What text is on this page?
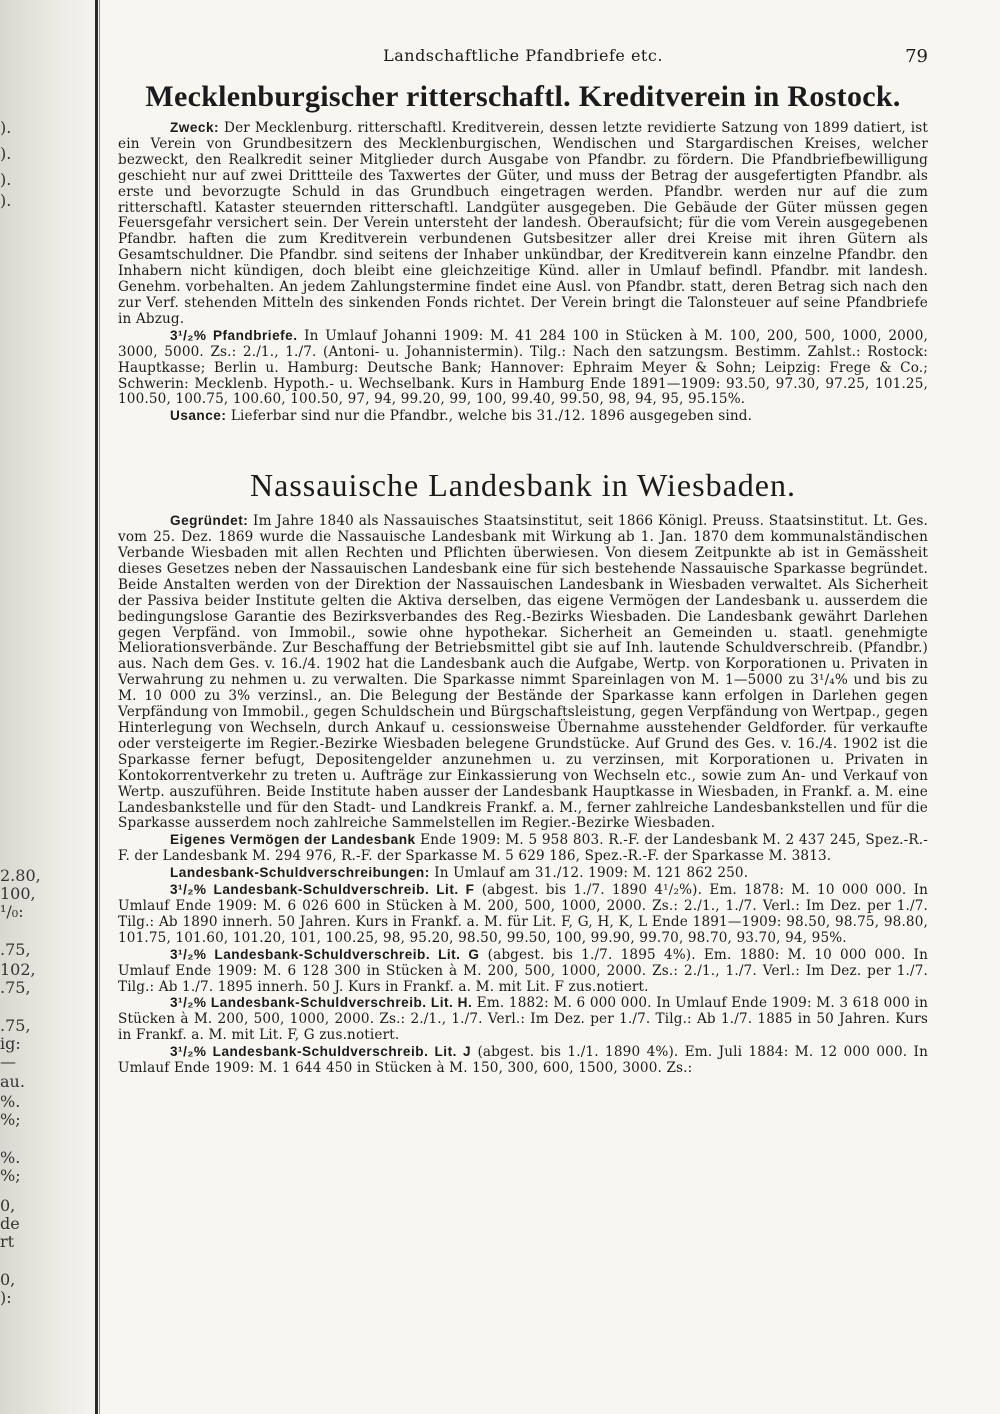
).
).
).
).
2.80,
100,
¹/₀:
.75,
102,
.75,
.75,
ig:
—
au.
%.
%;
%.
%;
0,
de
rt
0,
):
Landschaftliche Pfandbriefe etc.	79
Mecklenburgischer ritterschaftl. Kreditverein in Rostock.

Zweck: Der Mecklenburg. ritterschaftl. Kreditverein, dessen letzte revidierte Satzung von 1899 datiert, ist ein Verein von Grundbesitzern des Mecklenburgischen, Wendischen und Stargardischen Kreises, welcher bezweckt, den Realkredit seiner Mitglieder durch Ausgabe von Pfandbr. zu fördern. Die Pfandbriefbewilligung geschieht nur auf zwei Drittteile des Taxwertes der Güter, und muss der Betrag der ausgefertigten Pfandbr. als erste und bevorzugte Schuld in das Grundbuch eingetragen werden. Pfandbr. werden nur auf die zum ritterschaftl. Kataster steuernden ritterschaftl. Landgüter ausgegeben. Die Gebäude der Güter müssen gegen Feuersgefahr versichert sein. Der Verein untersteht der landesh. Oberaufsicht; für die vom Verein ausgegebenen Pfandbr. haften die zum Kreditverein verbundenen Gutsbesitzer aller drei Kreise mit ihren Gütern als Gesamtschuldner. Die Pfandbr. sind seitens der Inhaber unkündbar, der Kreditverein kann einzelne Pfandbr. den Inhabern nicht kündigen, doch bleibt eine gleichzeitige Künd. aller in Umlauf befindl. Pfandbr. mit landesh. Genehm. vorbehalten. An jedem Zahlungstermine findet eine Ausl. von Pfandbr. statt, deren Betrag sich nach den zur Verf. stehenden Mitteln des sinkenden Fonds richtet. Der Verein bringt die Talonsteuer auf seine Pfandbriefe in Abzug.

3¹/₂% Pfandbriefe. In Umlauf Johanni 1909: M. 41 284 100 in Stücken à M. 100, 200, 500, 1000, 2000, 3000, 5000. Zs.: 2./1., 1./7. (Antoni- u. Johannistermin). Tilg.: Nach den satzungsm. Bestimm. Zahlst.: Rostock: Hauptkasse; Berlin u. Hamburg: Deutsche Bank; Hannover: Ephraim Meyer & Sohn; Leipzig: Frege & Co.; Schwerin: Mecklenb. Hypoth.- u. Wechselbank. Kurs in Hamburg Ende 1891—1909: 93.50, 97.30, 97.25, 101.25, 100.50, 100.75, 100.60, 100.50, 97, 94, 99.20, 99, 100, 99.40, 99.50, 98, 94, 95, 95.15%.

Usance: Lieferbar sind nur die Pfandbr., welche bis 31./12. 1896 ausgegeben sind.

Nassauische Landesbank in Wiesbaden.

Gegründet: Im Jahre 1840 als Nassauisches Staatsinstitut, seit 1866 Königl. Preuss. Staatsinstitut. Lt. Ges. vom 25. Dez. 1869 wurde die Nassauische Landesbank mit Wirkung ab 1. Jan. 1870 dem kommunalständischen Verbande Wiesbaden mit allen Rechten und Pflichten überwiesen. Von diesem Zeitpunkte ab ist in Gemässheit dieses Gesetzes neben der Nassauischen Landesbank eine für sich bestehende Nassauische Sparkasse begründet. Beide Anstalten werden von der Direktion der Nassauischen Landesbank in Wiesbaden verwaltet. Als Sicherheit der Passiva beider Institute gelten die Aktiva derselben, das eigene Vermögen der Landesbank u. ausserdem die bedingungslose Garantie des Bezirksverbandes des Reg.-Bezirks Wiesbaden. Die Landesbank gewährt Darlehen gegen Verpfänd. von Immobil., sowie ohne hypothekar. Sicherheit an Gemeinden u. staatl. genehmigte Meliorationsverbände. Zur Beschaffung der Betriebsmittel gibt sie auf Inh. lautende Schuldverschreib. (Pfandbr.) aus. Nach dem Ges. v. 16./4. 1902 hat die Landesbank auch die Aufgabe, Wertp. von Korporationen u. Privaten in Verwahrung zu nehmen u. zu verwalten. Die Sparkasse nimmt Spareinlagen von M. 1—5000 zu 3¹/₄% und bis zu M. 10 000 zu 3% verzinsl., an. Die Belegung der Bestände der Sparkasse kann erfolgen in Darlehen gegen Verpfändung von Immobil., gegen Schuldschein und Bürgschaftsleistung, gegen Verpfändung von Wertpap., gegen Hinterlegung von Wechseln, durch Ankauf u. cessionsweise Übernahme ausstehender Geldforder. für verkaufte oder versteigerte im Regier.-Bezirke Wiesbaden belegene Grundstücke. Auf Grund des Ges. v. 16./4. 1902 ist die Sparkasse ferner befugt, Depositengelder anzunehmen u. zu verzinsen, mit Korporationen u. Privaten in Kontokorrentverkehr zu treten u. Aufträge zur Einkassierung von Wechseln etc., sowie zum An- und Verkauf von Wertp. auszuführen. Beide Institute haben ausser der Landesbank Hauptkasse in Wiesbaden, in Frankf. a. M. eine Landesbankstelle und für den Stadt- und Landkreis Frankf. a. M., ferner zahlreiche Landesbankstellen und für die Sparkasse ausserdem noch zahlreiche Sammelstellen im Regier.-Bezirke Wiesbaden.

Eigenes Vermögen der Landesbank Ende 1909: M. 5 958 803. R.-F. der Landesbank M. 2 437 245, Spez.-R.-F. der Landesbank M. 294 976, R.-F. der Sparkasse M. 5 629 186, Spez.-R.-F. der Sparkasse M. 3813.

Landesbank-Schuldverschreibungen: In Umlauf am 31./12. 1909: M. 121 862 250.

3¹/₂% Landesbank-Schuldverschreib. Lit. F (abgest. bis 1./7. 1890 4¹/₂%). Em. 1878: M. 10 000 000. In Umlauf Ende 1909: M. 6 026 600 in Stücken à M. 200, 500, 1000, 2000. Zs.: 2./1., 1./7. Verl.: Im Dez. per 1./7. Tilg.: Ab 1890 innerh. 50 Jahren. Kurs in Frankf. a. M. für Lit. F, G, H, K, L Ende 1891—1909: 98.50, 98.75, 98.80, 101.75, 101.60, 101.20, 101, 100.25, 98, 95.20, 98.50, 99.50, 100, 99.90, 99.70, 98.70, 93.70, 94, 95%.

3¹/₂% Landesbank-Schuldverschreib. Lit. G (abgest. bis 1./7. 1895 4%). Em. 1880: M. 10 000 000. In Umlauf Ende 1909: M. 6 128 300 in Stücken à M. 200, 500, 1000, 2000. Zs.: 2./1., 1./7. Verl.: Im Dez. per 1./7. Tilg.: Ab 1./7. 1895 innerh. 50 J. Kurs in Frankf. a. M. mit Lit. F zus.notiert.

3¹/₂% Landesbank-Schuldverschreib. Lit. H. Em. 1882: M. 6 000 000. In Umlauf Ende 1909: M. 3 618 000 in Stücken à M. 200, 500, 1000, 2000. Zs.: 2./1., 1./7. Verl.: Im Dez. per 1./7. Tilg.: Ab 1./7. 1885 in 50 Jahren. Kurs in Frankf. a. M. mit Lit. F, G zus.notiert.

3¹/₂% Landesbank-Schuldverschreib. Lit. J (abgest. bis 1./1. 1890 4%). Em. Juli 1884: M. 12 000 000. In Umlauf Ende 1909: M. 1 644 450 in Stücken à M. 150, 300, 600, 1500, 3000. Zs.:
